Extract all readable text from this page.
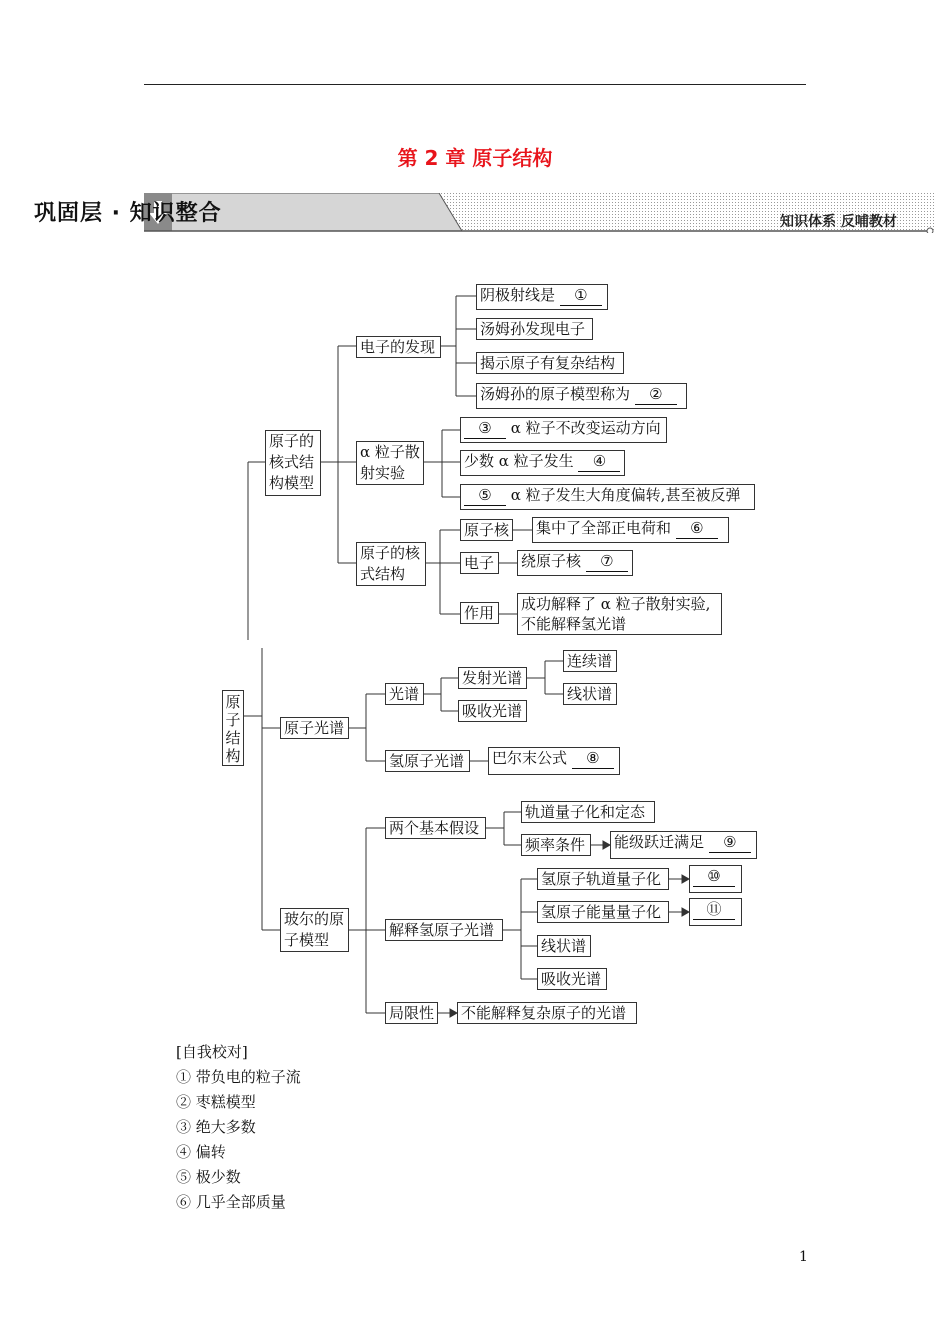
第 2 章 原子结构
巩固层 · 知识整合	知识体系 反哺教材
原子结构
原子的核式结构模型
电子的发现
阴极射线是 ①
汤姆孙发现电子
揭示原子有复杂结构
汤姆孙的原子模型称为 ②
α 粒子散射实验
③ α 粒子不改变运动方向
少数 α 粒子发生 ④
⑤ α 粒子发生大角度偏转,甚至被反弹
原子的核式结构
原子核 集中了全部正电荷和 ⑥
电子	绕原子核 ⑦
作用	成功解释了 α 粒子散射实验,
不能解释氢光谱
原子光谱
光谱
发射光谱
连续谱
线状谱
吸收光谱
氢原子光谱	巴尔末公式 ⑧
玻尔的原子模型
两个基本假设
轨道量子化和定态
频率条件	能级跃迁满足 ⑨
解释氢原子光谱
氢原子轨道量子化	⑩
氢原子能量量子化	⑪
线状谱
吸收光谱
局限性 不能解释复杂原子的光谱
[自我校对]
① 带负电的粒子流
② 枣糕模型
③ 绝大多数
④ 偏转
⑤ 极少数
⑥ 几乎全部质量
1
